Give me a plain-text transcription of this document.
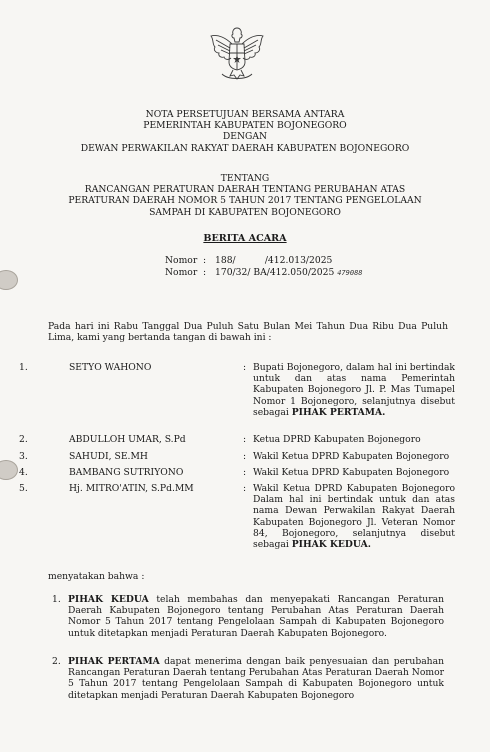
NOTA PERSETUJUAN BERSAMA ANTARA
PEMERINTAH KABUPATEN BOJONEGORO
DENGAN
DEWAN PERWAKILAN RAKYAT DAERAH KABUPATEN BOJONEGORO
TENTANG
RANCANGAN PERATURAN DAERAH TENTANG PERUBAHAN ATAS
PERATURAN DAERAH NOMOR 5 TAHUN 2017 TENTANG PENGELOLAAN
SAMPAH DI KABUPATEN BOJONEGORO
BERITA ACARA
Nomor : 188/          /412.013/2025
Nomor : 170/32/ BA/412.050/2025 479088
Pada hari ini Rabu Tanggal Dua Puluh Satu Bulan Mei Tahun Dua Ribu Dua Puluh Lima, kami yang bertanda tangan di bawah ini :
1.	SETYO WAHONO	: Bupati Bojonegoro, dalam hal ini bertindak untuk dan atas nama Pemerintah Kabupaten Bojonegoro Jl. P. Mas Tumapel Nomor 1 Bojonegoro, selanjutnya disebut sebagai PIHAK PERTAMA.
2.	ABDULLOH UMAR, S.Pd	: Ketua DPRD Kabupaten Bojonegoro
3.	SAHUDI, SE.MH	: Wakil Ketua DPRD Kabupaten Bojonegoro
4.	BAMBANG SUTRIYONO	: Wakil Ketua DPRD Kabupaten Bojonegoro
5.	Hj. MITRO'ATIN, S.Pd.MM	: Wakil Ketua DPRD Kabupaten Bojonegoro Dalam hal ini bertindak untuk dan atas nama Dewan Perwakilan Rakyat Daerah Kabupaten Bojonegoro Jl. Veteran Nomor 84, Bojonegoro, selanjutnya disebut sebagai PIHAK KEDUA.
menyatakan bahwa :
1. PIHAK KEDUA telah membahas dan menyepakati Rancangan Peraturan Daerah Kabupaten Bojonegoro tentang Perubahan Atas Peraturan Daerah Nomor 5 Tahun 2017 tentang Pengelolaan Sampah di Kabupaten Bojonegoro untuk ditetapkan menjadi Peraturan Daerah Kabupaten Bojonegoro.
2. PIHAK PERTAMA dapat menerima dengan baik penyesuaian dan perubahan Rancangan Peraturan Daerah tentang Perubahan Atas Peraturan Daerah Nomor 5 Tahun 2017 tentang Pengelolaan Sampah di Kabupaten Bojonegoro untuk ditetapkan menjadi Peraturan Daerah Kabupaten Bojonegoro
